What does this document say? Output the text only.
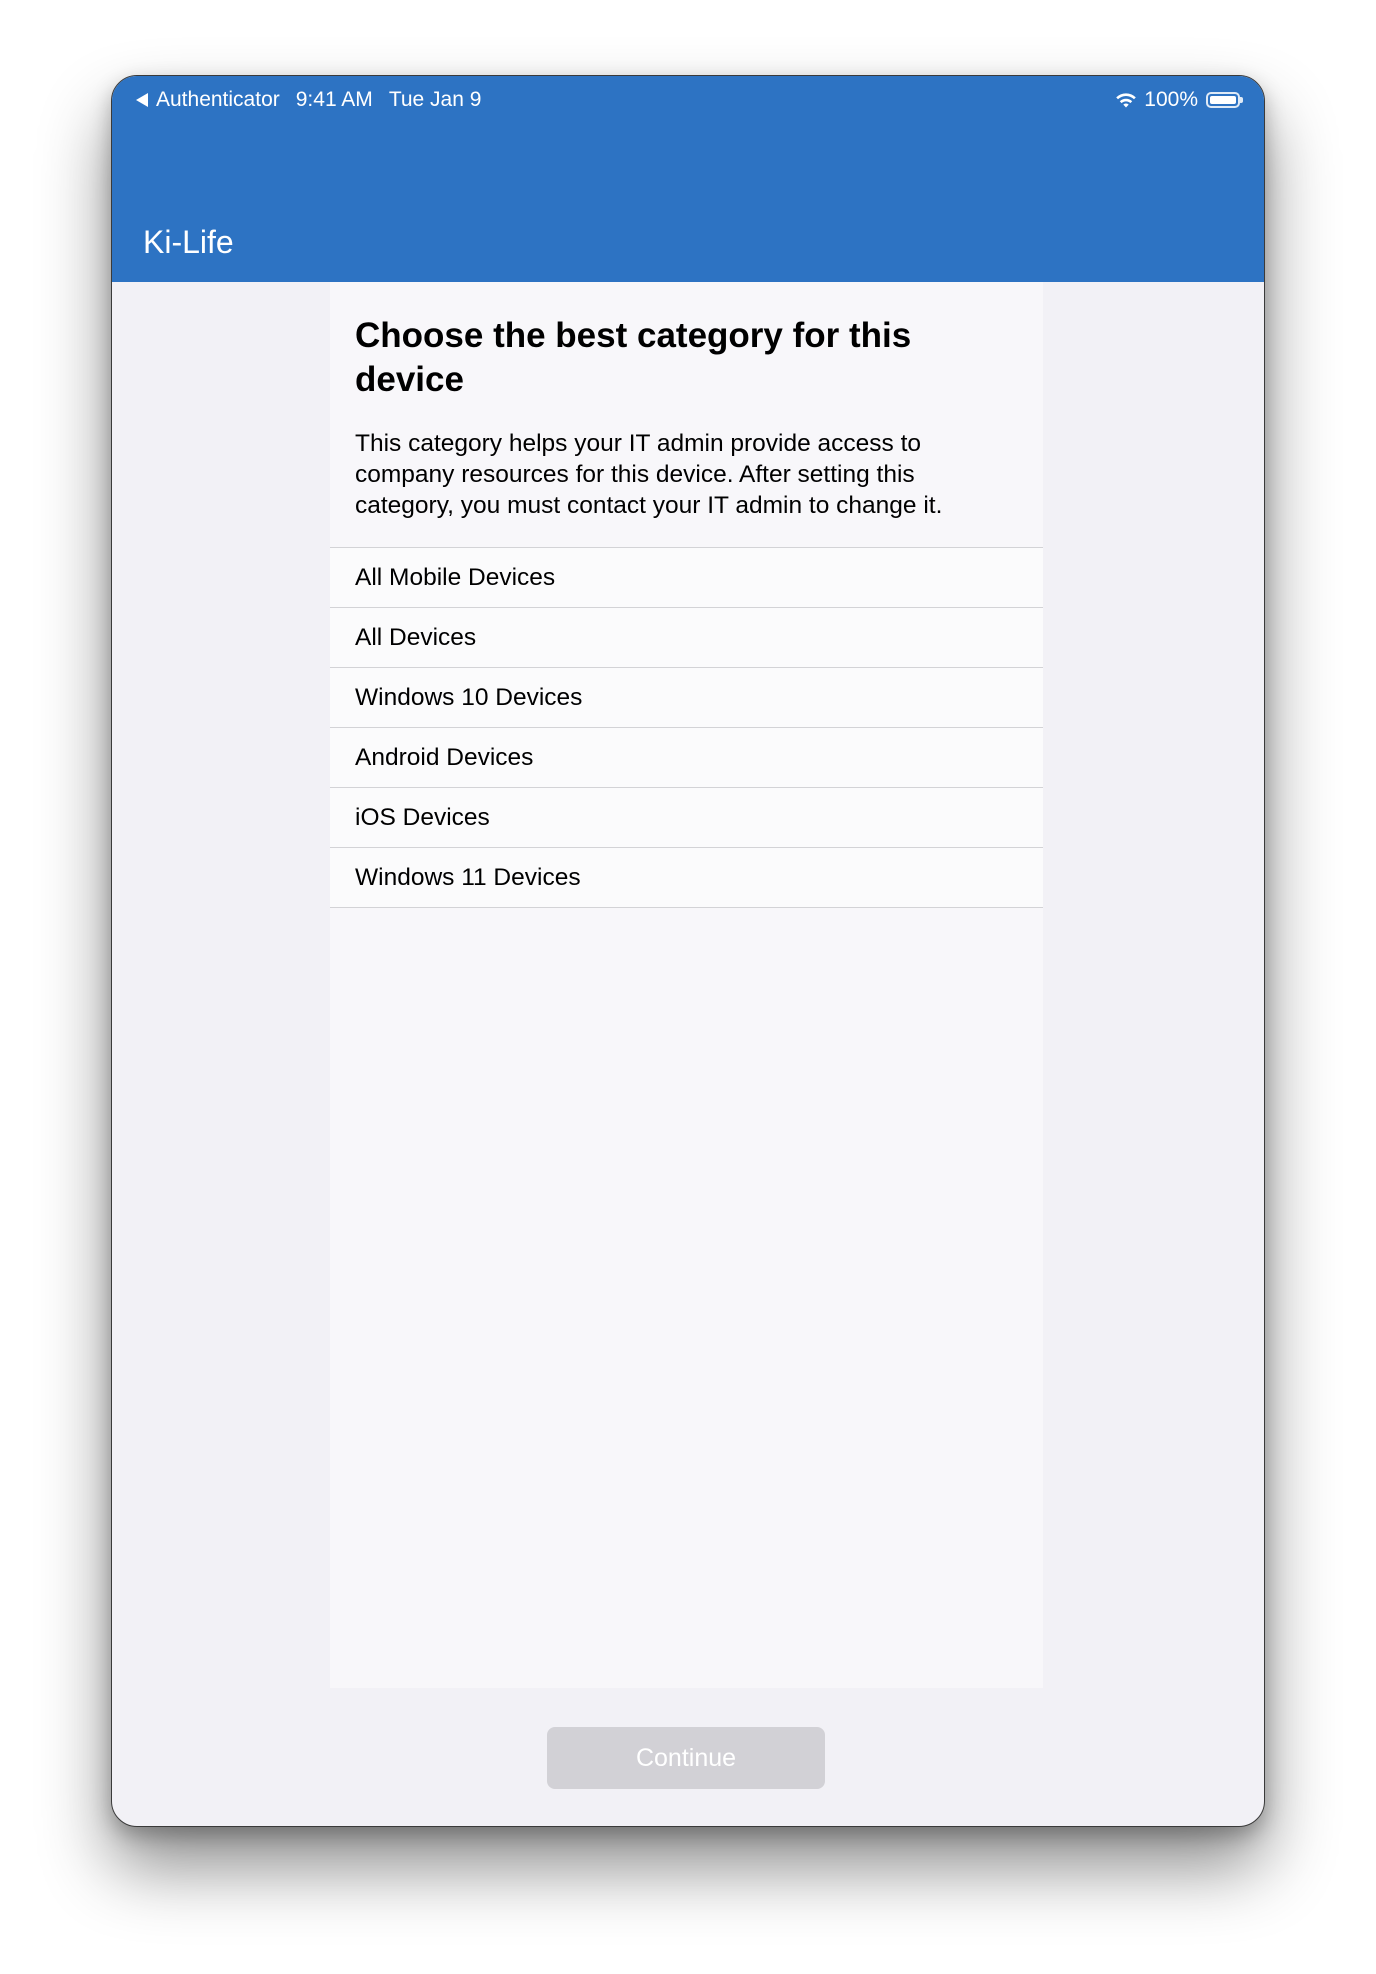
Authenticator 9:41 AM Tue Jan 9	100%
Ki-Life
Choose the best category for this device

This category helps your IT admin provide access to company resources for this device. After setting this category, you must contact your IT admin to change it.

All Mobile Devices
All Devices
Windows 10 Devices
Android Devices
iOS Devices
Windows 11 Devices
Continue
